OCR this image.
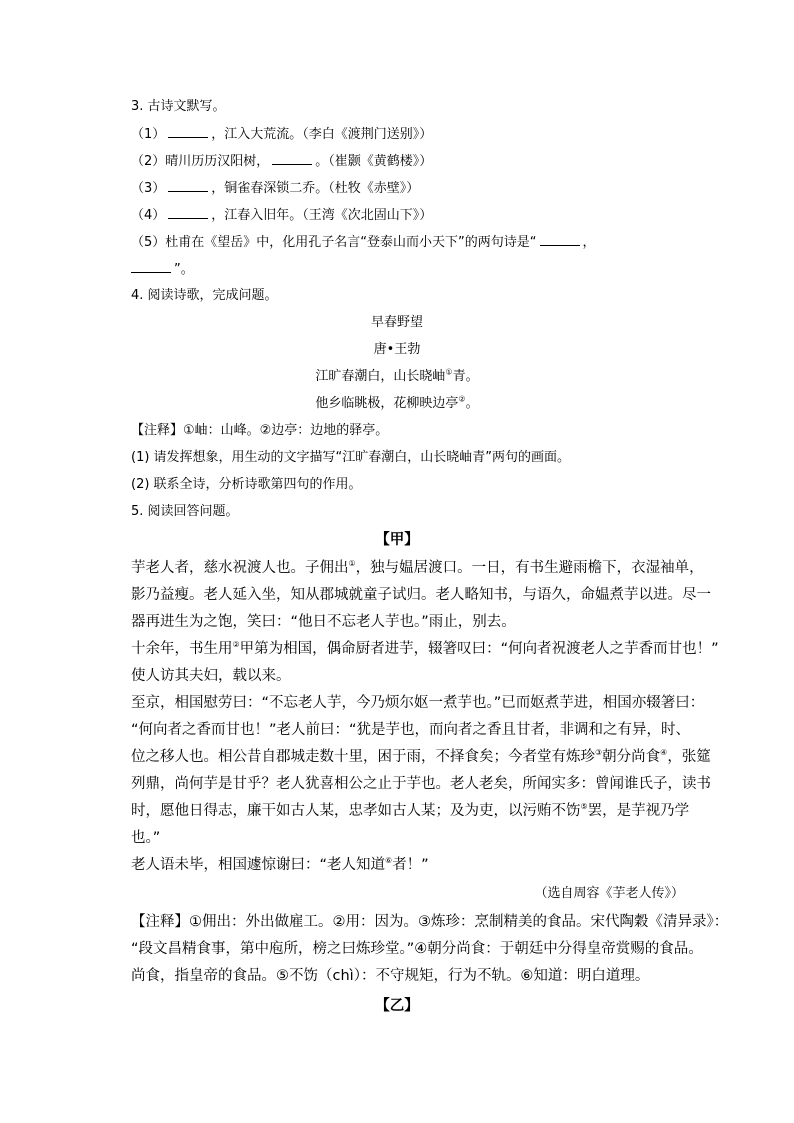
3. 古诗文默写。
（1）	，江入大荒流。（李白《渡荆门送别》）
（2）晴川历历汉阳树，	。（崔颢《黄鹤楼》）
（3）	，铜雀春深锁二乔。（杜牧《赤壁》）
（4）	，江春入旧年。（王湾《次北固山下》）
（5）杜甫在《望岳》中，化用孔子名言“登泰山而小天下”的两句诗是“	，
”。
4. 阅读诗歌，完成问题。
早春野望
唐•王勃
江旷春潮白，山长晓岫①青。
他乡临眺极，花柳映边亭②。
【注释】①岫：山峰。②边亭：边地的驿亭。
(1) 请发挥想象，用生动的文字描写“江旷春潮白，山长晓岫青”两句的画面。
(2) 联系全诗，分析诗歌第四句的作用。
5. 阅读回答问题。
【甲】
芋老人者，慈水祝渡人也。子佣出①，独与媪居渡口。一日，有书生避雨檐下，衣湿袖单，
影乃益瘦。老人延入坐，知从郡城就童子试归。老人略知书，与语久，命媪煮芋以进。尽一
器再进生为之饱，笑曰：“他日不忘老人芋也。”雨止，别去。
十余年，书生用②甲第为相国，偶命厨者进芋，辍箸叹曰：“何向者祝渡老人之芋香而甘也！”
使人访其夫妇，载以来。
至京，相国慰劳曰：“不忘老人芋，今乃烦尔妪一煮芋也。”已而妪煮芋进，相国亦辍箸曰：
“何向者之香而甘也！”老人前曰：“犹是芋也，而向者之香且甘者，非调和之有异，时、
位之移人也。相公昔自郡城走数十里，困于雨，不择食矣；今者堂有炼珍③朝分尚食④，张筵
列鼎，尚何芋是甘乎？老人犹喜相公之止于芋也。老人老矣，所闻实多：曾闻谁氏子，读书
时，愿他日得志，廉干如古人某，忠孝如古人某；及为吏，以污贿不饬⑤罢，是芋视乃学
也。”
老人语未毕，相国遽惊谢曰：“老人知道⑥者！”
（选自周容《芋老人传》）
【注释】①佣出：外出做雇工。②用：因为。③炼珍：烹制精美的食品。宋代陶穀《清异录》：
“段文昌精食事，第中庖所，榜之曰炼珍堂。”④朝分尚食：于朝廷中分得皇帝赏赐的食品。
尚食，指皇帝的食品。⑤不饬（chì）：不守规矩，行为不轨。⑥知道：明白道理。
【乙】
